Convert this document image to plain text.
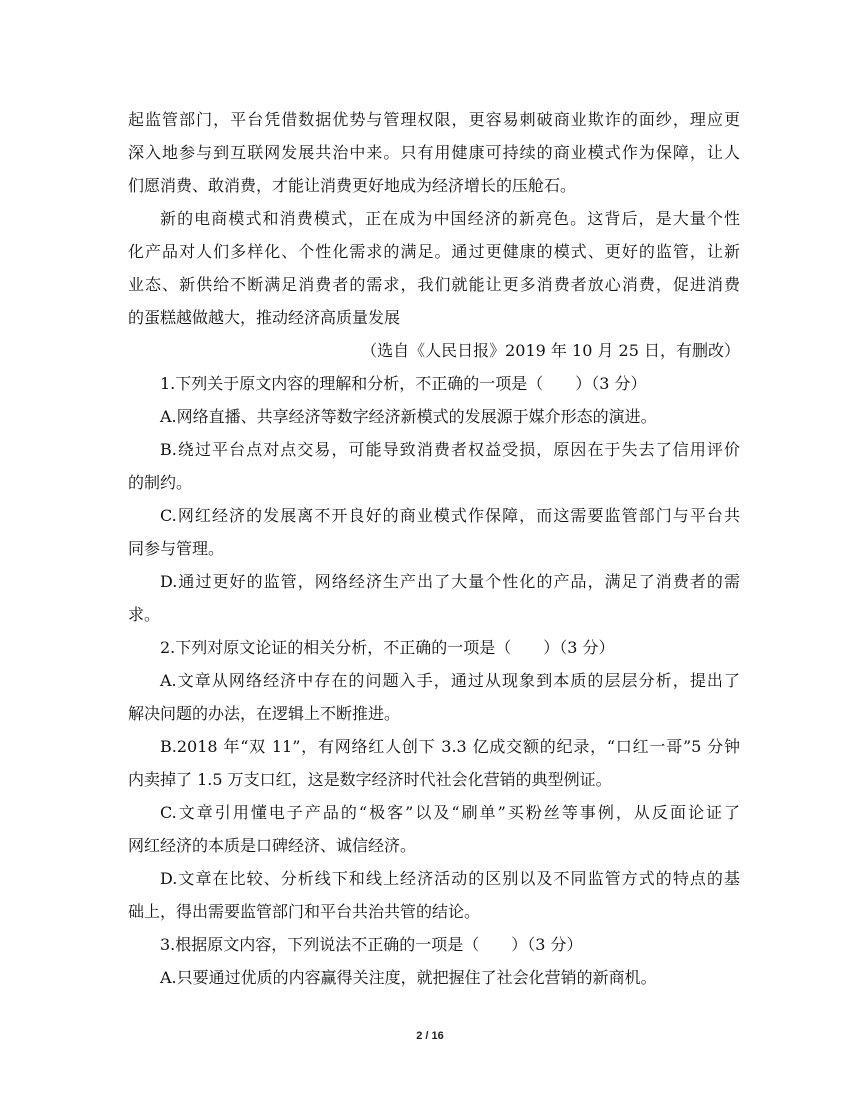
起监管部门，平台凭借数据优势与管理权限，更容易刺破商业欺诈的面纱，理应更
深入地参与到互联网发展共治中来。只有用健康可持续的商业模式作为保障，让人
们愿消费、敢消费，才能让消费更好地成为经济增长的压舱石。
新的电商模式和消费模式，正在成为中国经济的新亮色。这背后，是大量个性
化产品对人们多样化、个性化需求的满足。通过更健康的模式、更好的监管，让新
业态、新供给不断满足消费者的需求，我们就能让更多消费者放心消费，促进消费
的蛋糕越做越大，推动经济高质量发展
（选自《人民日报》2019 年 10 月 25 日，有删改）
1.下列关于原文内容的理解和分析，不正确的一项是（　　）（3 分）
A.网络直播、共享经济等数字经济新模式的发展源于媒介形态的演进。
B.绕过平台点对点交易，可能导致消费者权益受损，原因在于失去了信用评价
的制约。
C.网红经济的发展离不开良好的商业模式作保障，而这需要监管部门与平台共
同参与管理。
D.通过更好的监管，网络经济生产出了大量个性化的产品，满足了消费者的需
求。
2.下列对原文论证的相关分析，不正确的一项是（　　）（3 分）
A.文章从网络经济中存在的问题入手，通过从现象到本质的层层分析，提出了
解决问题的办法，在逻辑上不断推进。
B.2018 年“双 11”，有网络红人创下 3.3 亿成交额的纪录，“口红一哥”5 分钟
内卖掉了 1.5 万支口红，这是数字经济时代社会化营销的典型例证。
C.文章引用懂电子产品的“极客”以及“刷单”买粉丝等事例，从反面论证了
网红经济的本质是口碑经济、诚信经济。
D.文章在比较、分析线下和线上经济活动的区别以及不同监管方式的特点的基
础上，得出需要监管部门和平台共治共管的结论。
3.根据原文内容，下列说法不正确的一项是（　　）（3 分）
A.只要通过优质的内容赢得关注度，就把握住了社会化营销的新商机。
2 / 16
